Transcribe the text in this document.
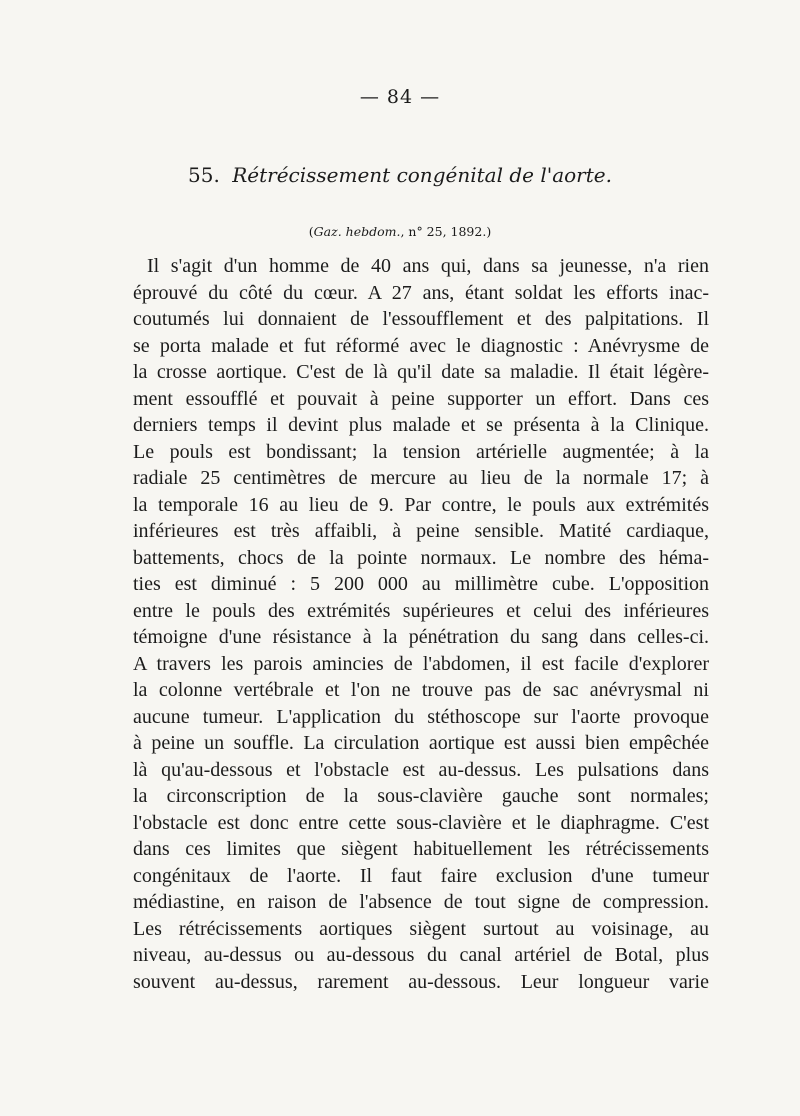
— 84 —
55. Rétrécissement congénital de l'aorte.
(Gaz. hebdom., n° 25, 1892.)
Il s'agit d'un homme de 40 ans qui, dans sa jeunesse, n'a rien
éprouvé du côté du cœur. A 27 ans, étant soldat les efforts inac-
coutumés lui donnaient de l'essoufflement et des palpitations. Il
se porta malade et fut réformé avec le diagnostic : Anévrysme de
la crosse aortique. C'est de là qu'il date sa maladie. Il était légère-
ment essoufflé et pouvait à peine supporter un effort. Dans ces
derniers temps il devint plus malade et se présenta à la Clinique.
Le pouls est bondissant; la tension artérielle augmentée; à la
radiale 25 centimètres de mercure au lieu de la normale 17; à
la temporale 16 au lieu de 9. Par contre, le pouls aux extrémités
inférieures est très affaibli, à peine sensible. Matité cardiaque,
battements, chocs de la pointe normaux. Le nombre des héma-
ties est diminué : 5 200 000 au millimètre cube. L'opposition
entre le pouls des extrémités supérieures et celui des inférieures
témoigne d'une résistance à la pénétration du sang dans celles-ci.
A travers les parois amincies de l'abdomen, il est facile d'explorer
la colonne vertébrale et l'on ne trouve pas de sac anévrysmal ni
aucune tumeur. L'application du stéthoscope sur l'aorte provoque
à peine un souffle. La circulation aortique est aussi bien empêchée
là qu'au-dessous et l'obstacle est au-dessus. Les pulsations dans
la circonscription de la sous-clavière gauche sont normales;
l'obstacle est donc entre cette sous-clavière et le diaphragme. C'est
dans ces limites que siègent habituellement les rétrécissements
congénitaux de l'aorte. Il faut faire exclusion d'une tumeur
médiastine, en raison de l'absence de tout signe de compression.
Les rétrécissements aortiques siègent surtout au voisinage, au
niveau, au-dessus ou au-dessous du canal artériel de Botal, plus
souvent au-dessus, rarement au-dessous. Leur longueur varie
